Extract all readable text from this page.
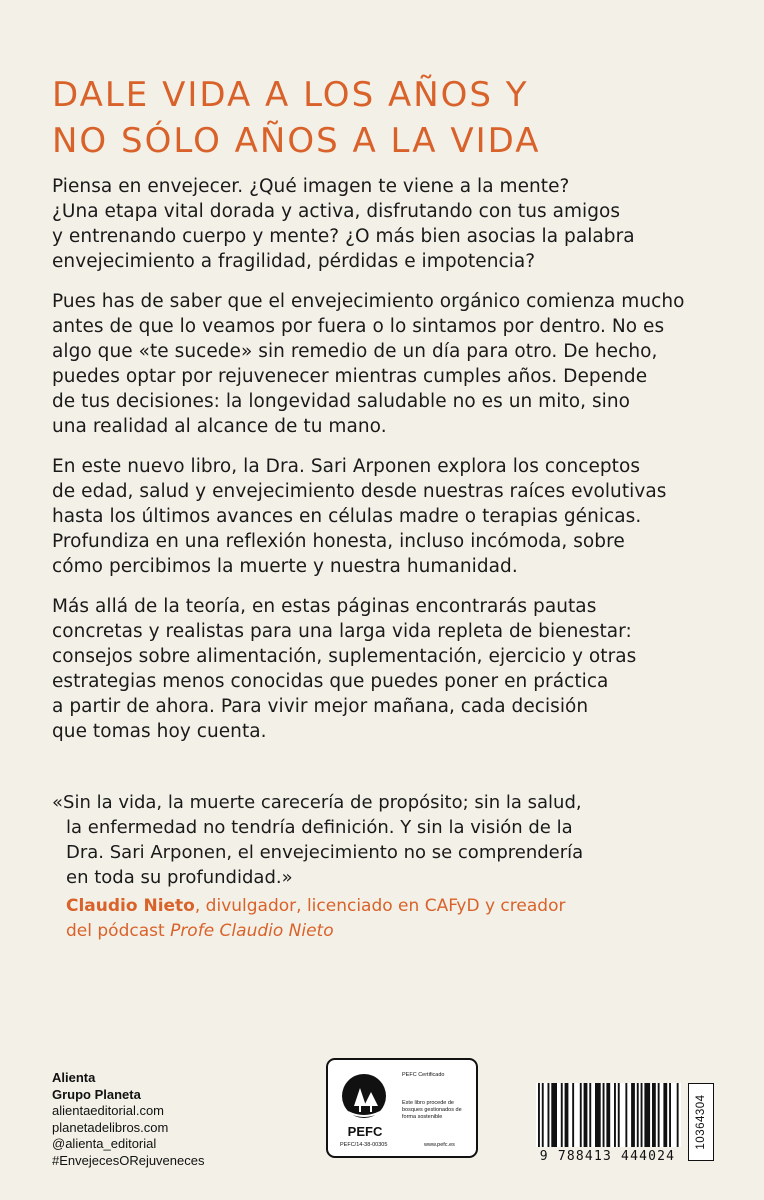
DALE VIDA A LOS AÑOS Y
NO SÓLO AÑOS A LA VIDA

Piensa en envejecer. ¿Qué imagen te viene a la mente?
¿Una etapa vital dorada y activa, disfrutando con tus amigos
y entrenando cuerpo y mente? ¿O más bien asocias la palabra
envejecimiento a fragilidad, pérdidas e impotencia?

Pues has de saber que el envejecimiento orgánico comienza mucho
antes de que lo veamos por fuera o lo sintamos por dentro. No es
algo que «te sucede» sin remedio de un día para otro. De hecho,
puedes optar por rejuvenecer mientras cumples años. Depende
de tus decisiones: la longevidad saludable no es un mito, sino
una realidad al alcance de tu mano.

En este nuevo libro, la Dra. Sari Arponen explora los conceptos
de edad, salud y envejecimiento desde nuestras raíces evolutivas
hasta los últimos avances en células madre o terapias génicas.
Profundiza en una reflexión honesta, incluso incómoda, sobre
cómo percibimos la muerte y nuestra humanidad.

Más allá de la teoría, en estas páginas encontrarás pautas
concretas y realistas para una larga vida repleta de bienestar:
consejos sobre alimentación, suplementación, ejercicio y otras
estrategias menos conocidas que puedes poner en práctica
a partir de ahora. Para vivir mejor mañana, cada decisión
que tomas hoy cuenta.

«Sin la vida, la muerte carecería de propósito; sin la salud,
la enfermedad no tendría definición. Y sin la visión de la
Dra. Sari Arponen, el envejecimiento no se comprendería
en toda su profundidad.»
Claudio Nieto, divulgador, licenciado en CAFyD y creador
del pódcast Profe Claudio Nieto
Alienta
Grupo Planeta
alientaeditorial.com
planetadelibros.com
@alienta_editorial
#EnvejecesORejuveneces
PEFC
PEFC/14-38-00305
PEFC Certificado
Este libro procede de bosques gestionados de forma sostenible
www.pefc.es
9 788413 444024
10364304
